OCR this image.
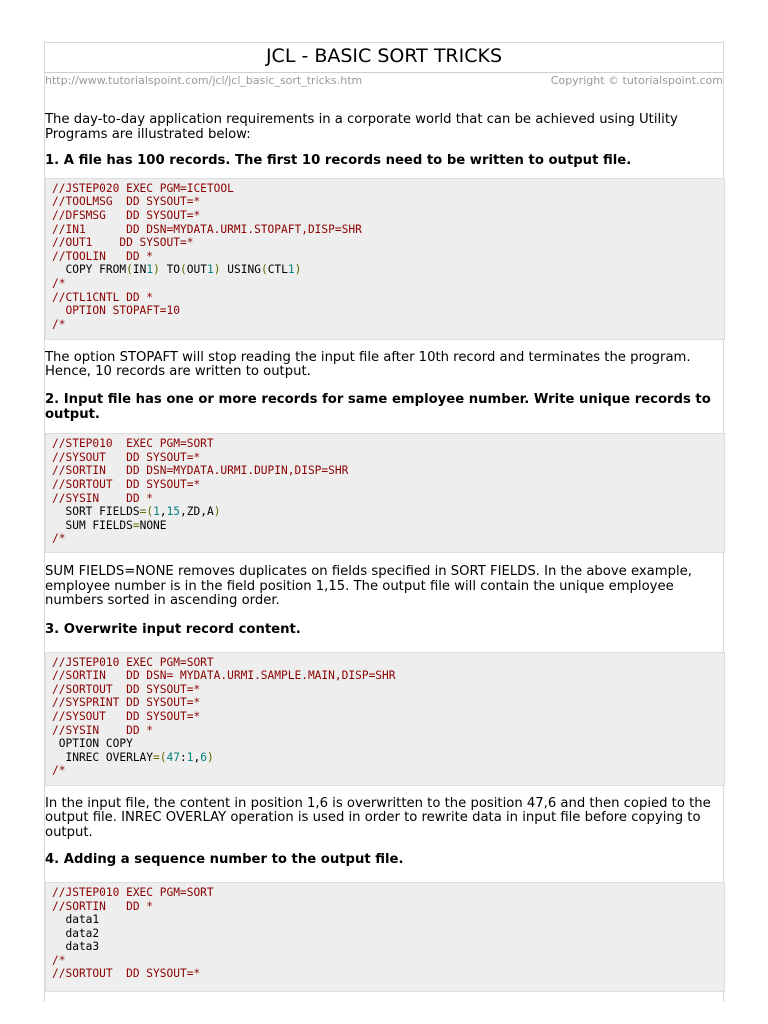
JCL - BASIC SORT TRICKS
http://www.tutorialspoint.com/jcl/jcl_basic_sort_tricks.htm	Copyright © tutorialspoint.com

The day-to-day application requirements in a corporate world that can be achieved using Utility Programs are illustrated below:

1. A file has 100 records. The first 10 records need to be written to output file.
//JSTEP020 EXEC PGM=ICETOOL
//TOOLMSG  DD SYSOUT=*
//DFSMSG   DD SYSOUT=*
//IN1      DD DSN=MYDATA.URMI.STOPAFT,DISP=SHR
//OUT1    DD SYSOUT=*
//TOOLIN   DD *
COPY FROM(IN1) TO(OUT1) USING(CTL1)
/*
//CTL1CNTL DD *
OPTION STOPAFT=10
/*

The option STOPAFT will stop reading the input file after 10th record and terminates the program. Hence, 10 records are written to output.

2. Input file has one or more records for same employee number. Write unique records to output.
//STEP010  EXEC PGM=SORT
//SYSOUT   DD SYSOUT=*
//SORTIN   DD DSN=MYDATA.URMI.DUPIN,DISP=SHR
//SORTOUT  DD SYSOUT=*
//SYSIN    DD *
SORT FIELDS=(1,15,ZD,A)
SUM FIELDS=NONE
/*

SUM FIELDS=NONE removes duplicates on fields specified in SORT FIELDS. In the above example, employee number is in the field position 1,15. The output file will contain the unique employee numbers sorted in ascending order.

3. Overwrite input record content.
//JSTEP010 EXEC PGM=SORT
//SORTIN   DD DSN= MYDATA.URMI.SAMPLE.MAIN,DISP=SHR
//SORTOUT  DD SYSOUT=*
//SYSPRINT DD SYSOUT=*
//SYSOUT   DD SYSOUT=*
//SYSIN    DD *
OPTION COPY
INREC OVERLAY=(47:1,6)
/*

In the input file, the content in position 1,6 is overwritten to the position 47,6 and then copied to the output file. INREC OVERLAY operation is used in order to rewrite data in input file before copying to output.

4. Adding a sequence number to the output file.
//JSTEP010 EXEC PGM=SORT
//SORTIN   DD *
data1
data2
data3
/*
//SORTOUT  DD SYSOUT=*
